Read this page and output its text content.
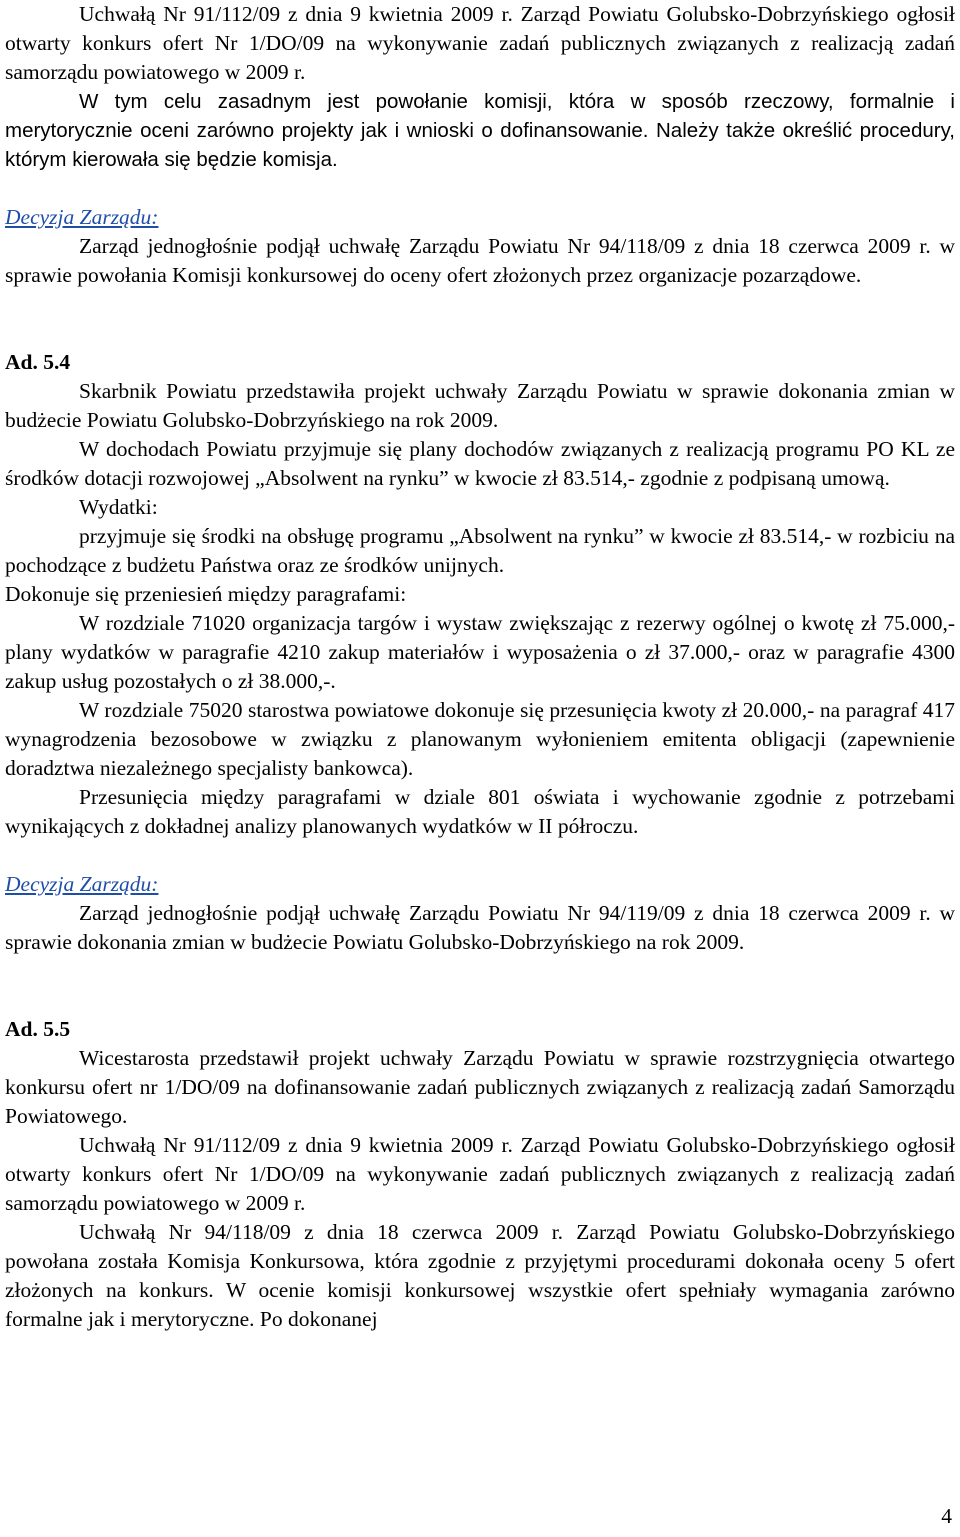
Uchwałą Nr 91/112/09 z dnia 9 kwietnia 2009 r. Zarząd Powiatu Golubsko-Dobrzyńskiego ogłosił otwarty konkurs ofert Nr 1/DO/09 na wykonywanie zadań publicznych związanych z realizacją zadań samorządu powiatowego w 2009 r.

W tym celu zasadnym jest powołanie komisji, która w sposób rzeczowy, formalnie i merytorycznie oceni zarówno projekty jak i wnioski o dofinansowanie. Należy także określić procedury, którym kierowała się będzie komisja.

Decyzja Zarządu:

Zarząd jednogłośnie podjął uchwałę Zarządu Powiatu Nr 94/118/09 z dnia 18 czerwca 2009 r. w sprawie powołania Komisji konkursowej do oceny ofert złożonych przez organizacje pozarządowe.

Ad. 5.4

Skarbnik Powiatu przedstawiła projekt uchwały Zarządu Powiatu w sprawie dokonania zmian w budżecie Powiatu Golubsko-Dobrzyńskiego na rok 2009.

W dochodach Powiatu przyjmuje się plany dochodów związanych z realizacją programu PO KL ze środków dotacji rozwojowej „Absolwent na rynku” w kwocie zł 83.514,- zgodnie z podpisaną umową.

Wydatki:

przyjmuje się środki na obsługę programu „Absolwent na rynku” w kwocie zł 83.514,- w rozbiciu na pochodzące z budżetu Państwa oraz ze środków unijnych.

Dokonuje się przeniesień między paragrafami:

W rozdziale 71020 organizacja targów i wystaw zwiększając z rezerwy ogólnej o kwotę zł 75.000,- plany wydatków w paragrafie 4210 zakup materiałów i wyposażenia o zł 37.000,- oraz w paragrafie 4300 zakup usług pozostałych o zł 38.000,-.

W rozdziale 75020 starostwa powiatowe dokonuje się przesunięcia kwoty zł 20.000,- na paragraf 417 wynagrodzenia bezosobowe w związku z planowanym wyłonieniem emitenta obligacji (zapewnienie doradztwa niezależnego specjalisty bankowca).

Przesunięcia między paragrafami w dziale 801 oświata i wychowanie zgodnie z potrzebami wynikających z dokładnej analizy planowanych wydatków w II półroczu.

Decyzja Zarządu:

Zarząd jednogłośnie podjął uchwałę Zarządu Powiatu Nr 94/119/09 z dnia 18 czerwca 2009 r. w sprawie dokonania zmian w budżecie Powiatu Golubsko-Dobrzyńskiego na rok 2009.

Ad. 5.5

Wicestarosta przedstawił projekt uchwały Zarządu Powiatu w sprawie rozstrzygnięcia otwartego konkursu ofert nr 1/DO/09 na dofinansowanie zadań publicznych związanych z realizacją zadań Samorządu Powiatowego.

Uchwałą Nr 91/112/09 z dnia 9 kwietnia 2009 r. Zarząd Powiatu Golubsko-Dobrzyńskiego ogłosił otwarty konkurs ofert Nr 1/DO/09 na wykonywanie zadań publicznych związanych z realizacją zadań samorządu powiatowego w 2009 r.

Uchwałą Nr 94/118/09 z dnia 18 czerwca 2009 r. Zarząd Powiatu Golubsko-Dobrzyńskiego powołana została Komisja Konkursowa, która zgodnie z przyjętymi procedurami dokonała oceny 5 ofert złożonych na konkurs. W ocenie komisji konkursowej wszystkie ofert spełniały wymagania zarówno formalne jak i merytoryczne. Po dokonanej

4
